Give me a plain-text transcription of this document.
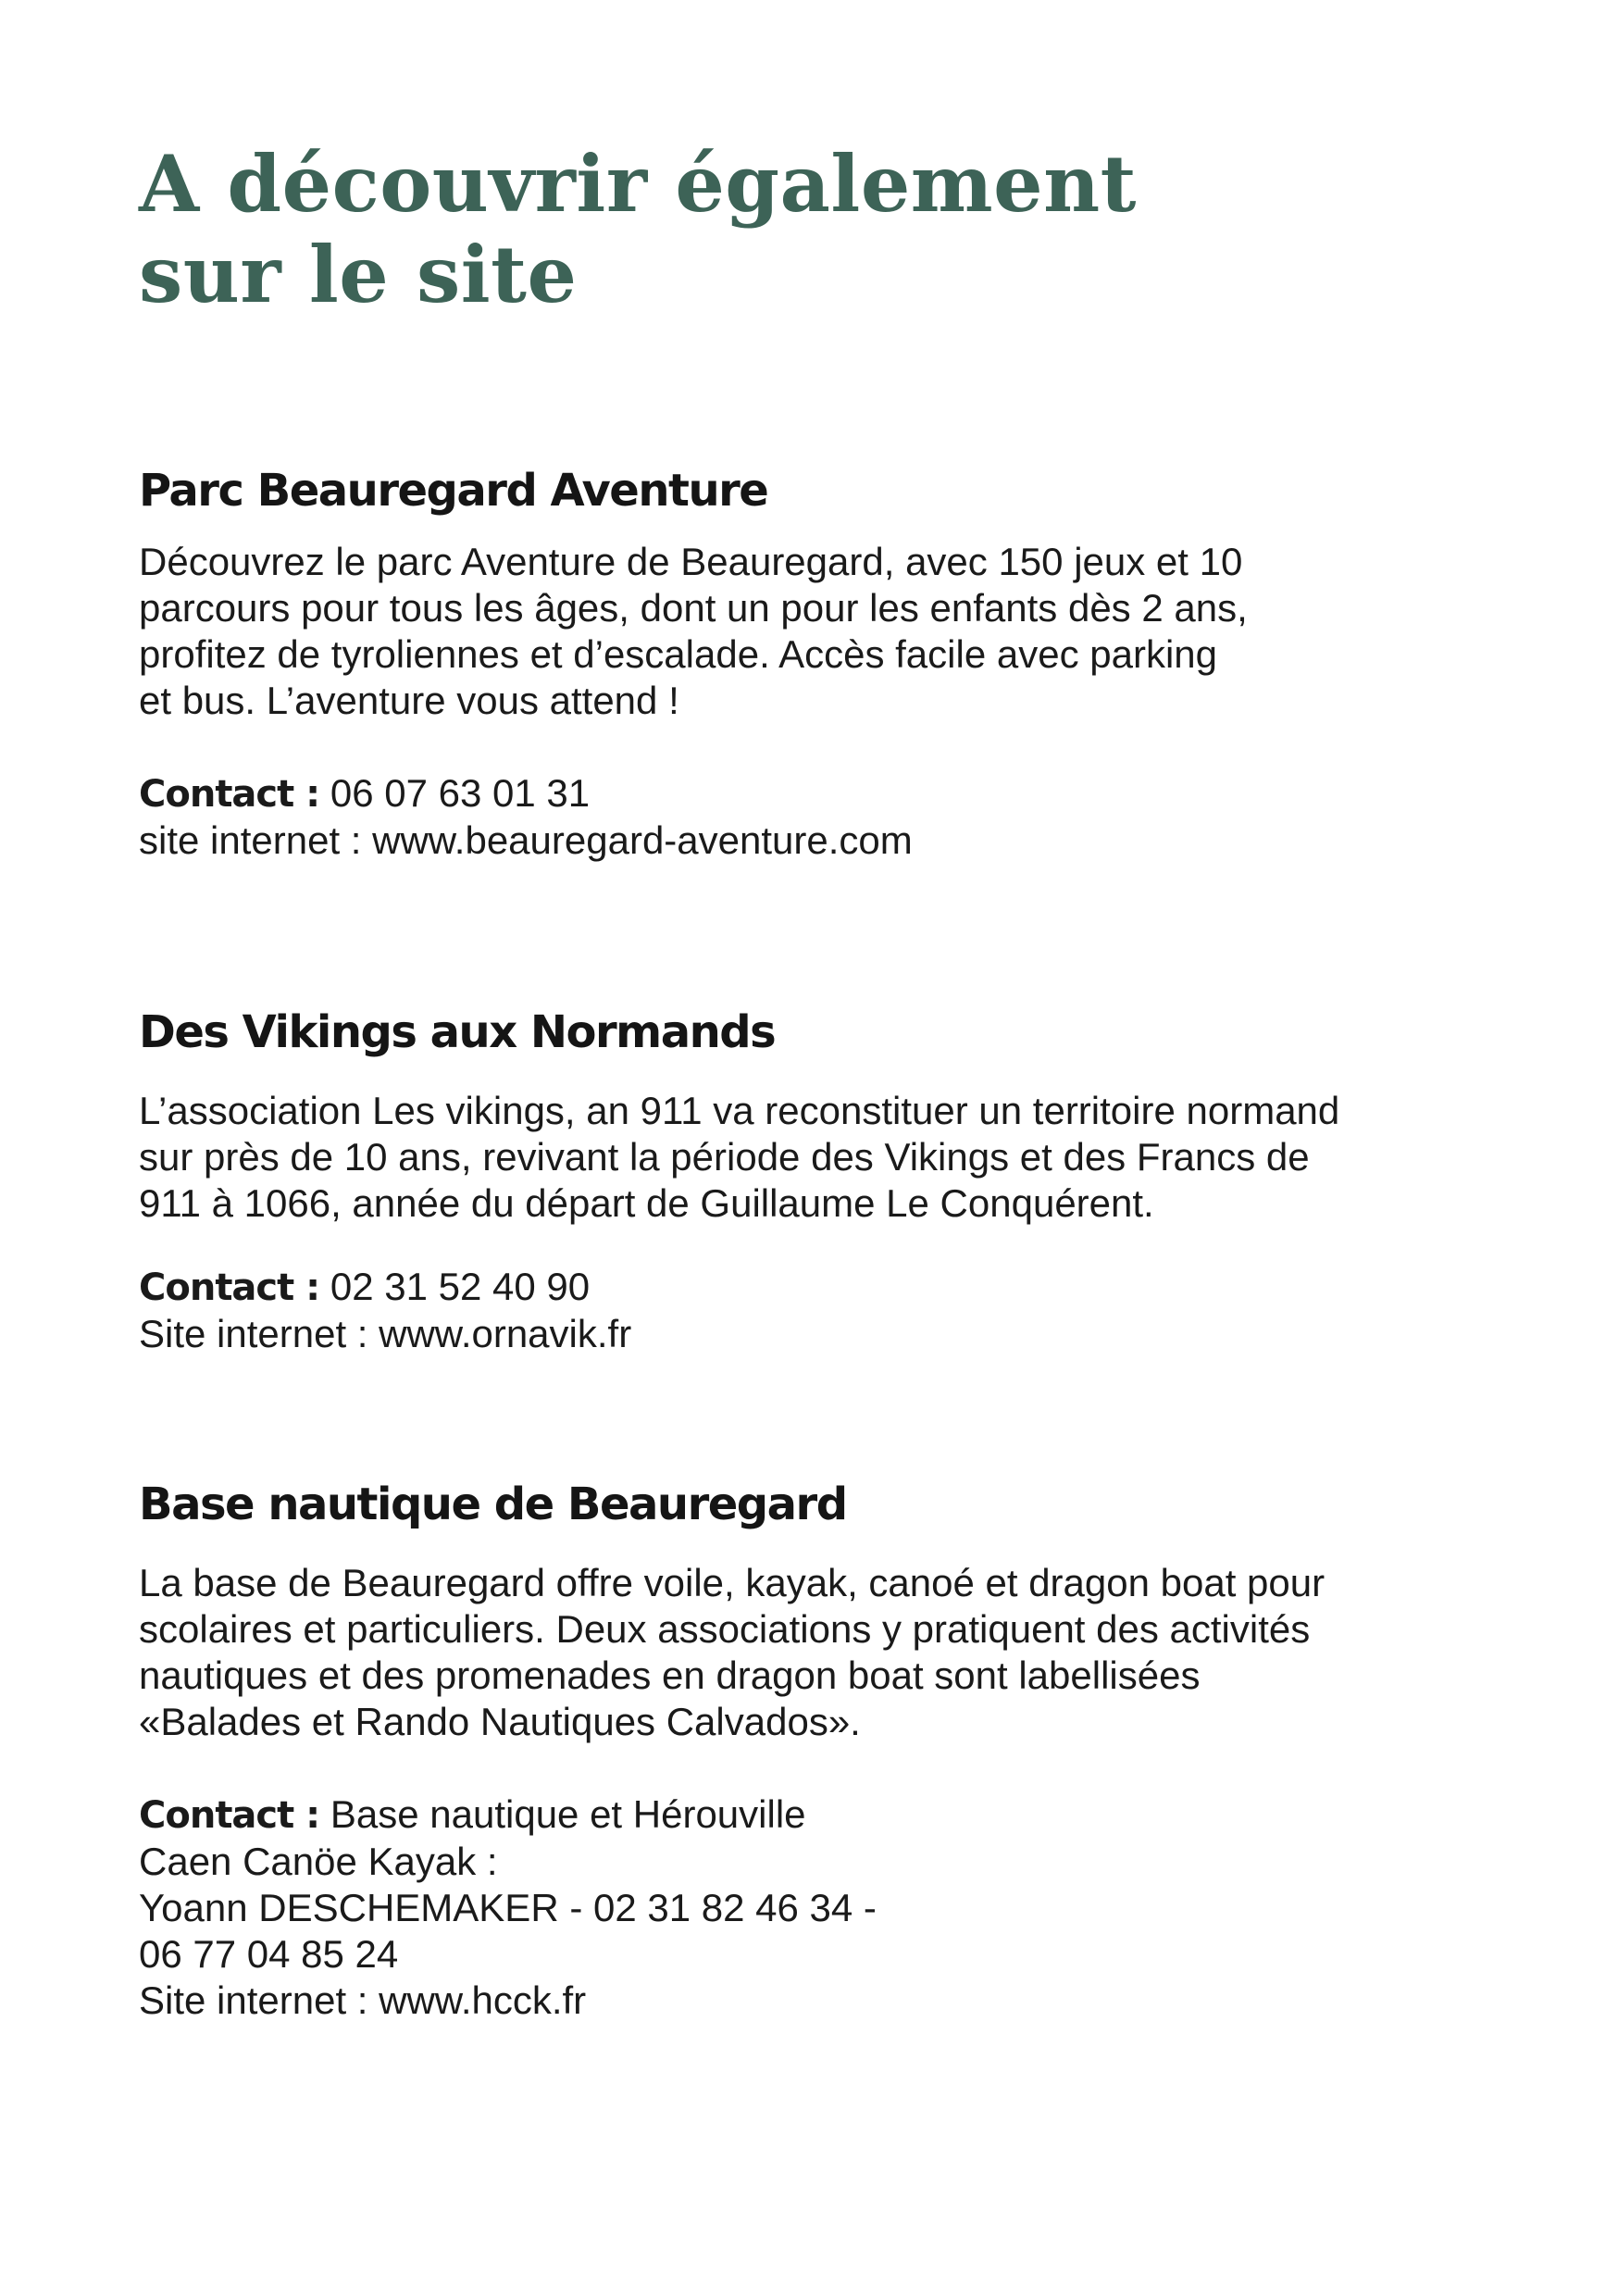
A découvrir également
sur le site
Parc Beauregard Aventure

Découvrez le parc Aventure de Beauregard, avec 150 jeux et 10
parcours pour tous les âges, dont un pour les enfants dès 2 ans,
profitez de tyroliennes et d’escalade. Accès facile avec parking
et bus. L’aventure vous attend !

Contact : 06 07 63 01 31
site internet : www.beauregard-aventure.com

Des Vikings aux Normands

L’association Les vikings, an 911 va reconstituer un territoire normand
sur près de 10 ans, revivant la période des Vikings et des Francs de
911 à 1066, année du départ de Guillaume Le Conquérent.

Contact : 02 31 52 40 90
Site internet : www.ornavik.fr

Base nautique de Beauregard

La base de Beauregard offre voile, kayak, canoé et dragon boat pour
scolaires et particuliers. Deux associations y pratiquent des activités
nautiques et des promenades en dragon boat sont labellisées
«Balades et Rando Nautiques Calvados».

Contact : Base nautique et Hérouville
Caen Canöe Kayak :
Yoann DESCHEMAKER - 02 31 82 46 34 -
06 77 04 85 24
Site internet : www.hcck.fr
